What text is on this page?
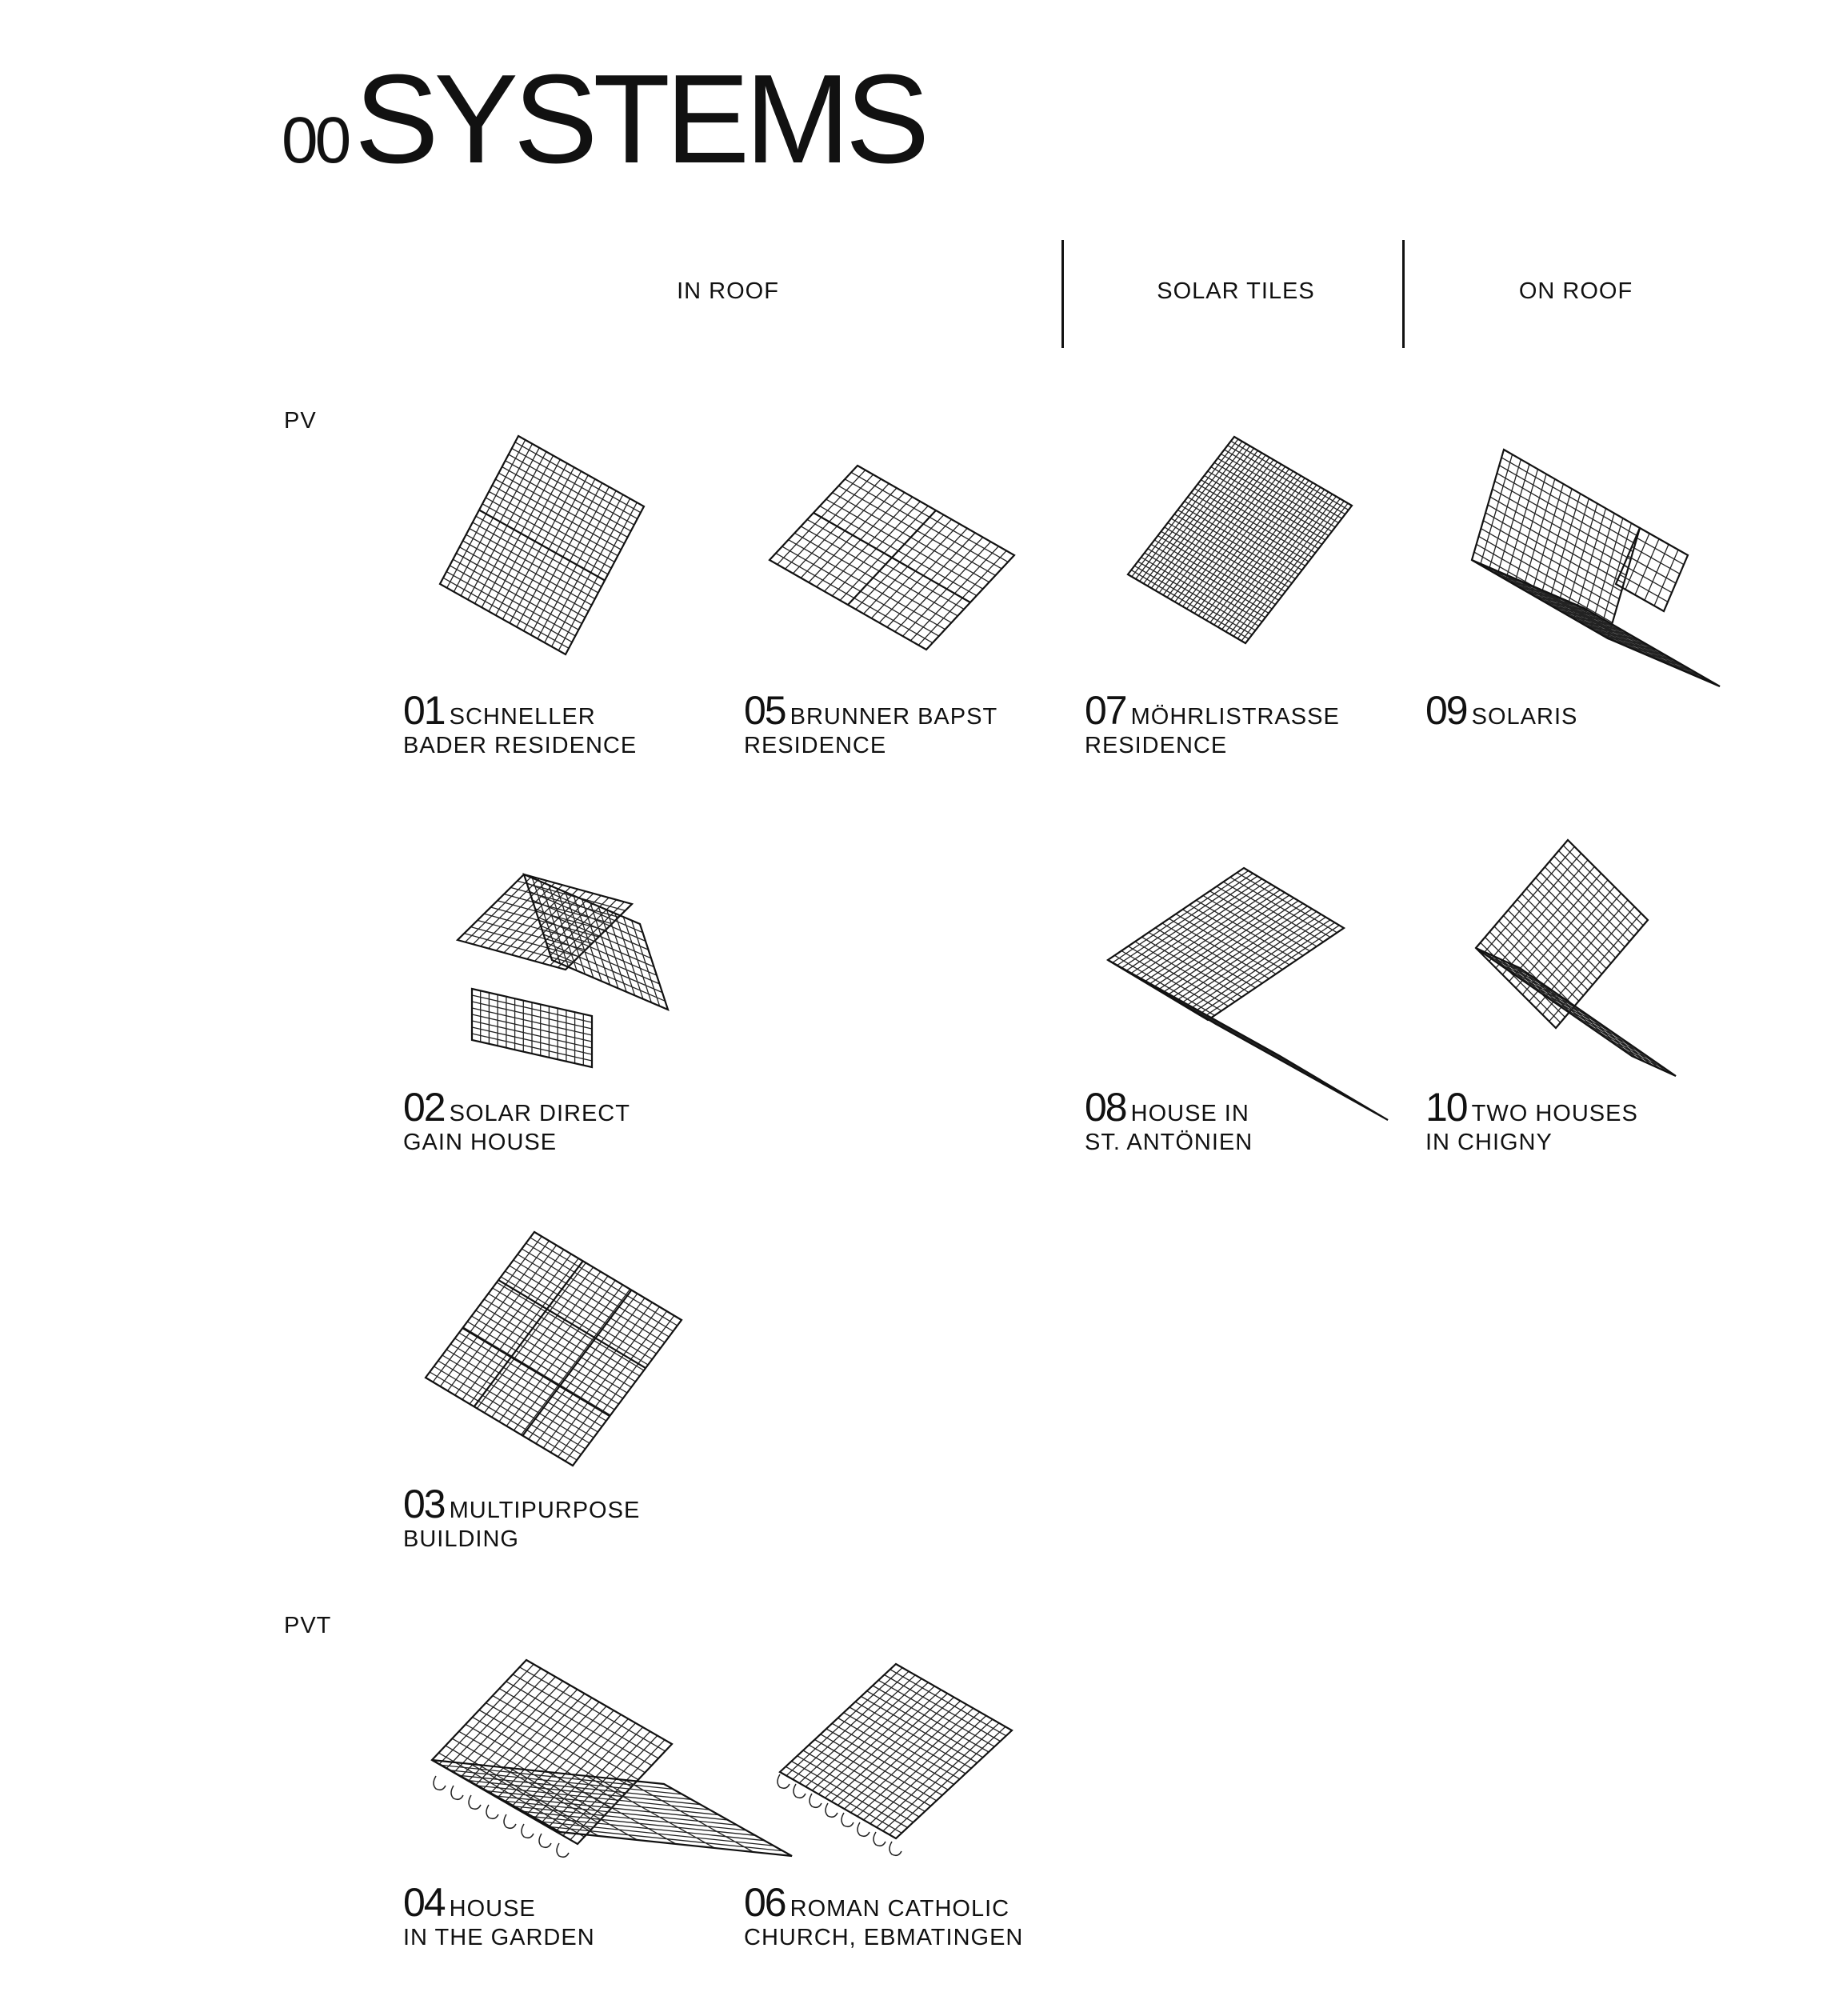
00SYSTEMS
IN ROOF	SOLAR TILES	ON ROOF
PV
PVT
01 SCHNELLER
BADER RESIDENCE
05 BRUNNER BAPST
RESIDENCE
07 MÖHRLISTRASSE
RESIDENCE
09 SOLARIS
02 SOLAR DIRECT
GAIN HOUSE
08 HOUSE IN
ST. ANTÖNIEN
10 TWO HOUSES
IN CHIGNY
03 MULTIPURPOSE
BUILDING
04 HOUSE
IN THE GARDEN
06 ROMAN CATHOLIC
CHURCH, EBMATINGEN
